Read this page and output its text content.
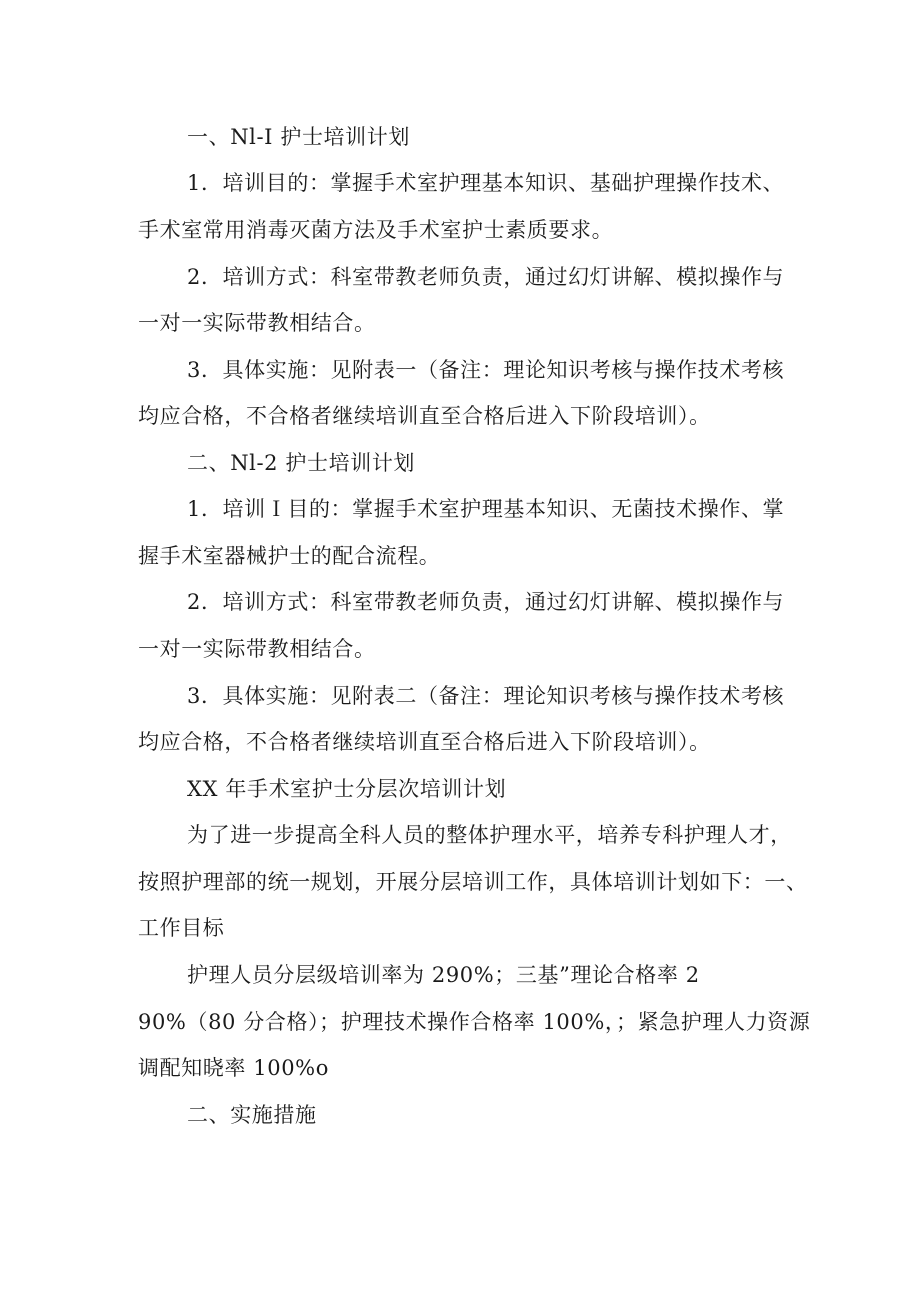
一、Nl-I 护士培训计划
1．培训目的：掌握手术室护理基本知识、基础护理操作技术、
手术室常用消毒灭菌方法及手术室护士素质要求。
2．培训方式：科室带教老师负责，通过幻灯讲解、模拟操作与
一对一实际带教相结合。
3．具体实施：见附表一（备注：理论知识考核与操作技术考核
均应合格，不合格者继续培训直至合格后进入下阶段培训）。
二、Nl-2 护士培训计划
1．培训Ｉ目的：掌握手术室护理基本知识、无菌技术操作、掌
握手术室器械护士的配合流程。
2．培训方式：科室带教老师负责，通过幻灯讲解、模拟操作与
一对一实际带教相结合。
3．具体实施：见附表二（备注：理论知识考核与操作技术考核
均应合格，不合格者继续培训直至合格后进入下阶段培训）。
XX 年手术室护士分层次培训计划
为了进一步提高全科人员的整体护理水平，培养专科护理人才，
按照护理部的统一规划，开展分层培训工作，具体培训计划如下：一、
工作目标
护理人员分层级培训率为 290%；三基”理论合格率 2
90%（80 分合格）；护理技术操作合格率 100%，；紧急护理人力资源
调配知晓率 100%o
二、实施措施
